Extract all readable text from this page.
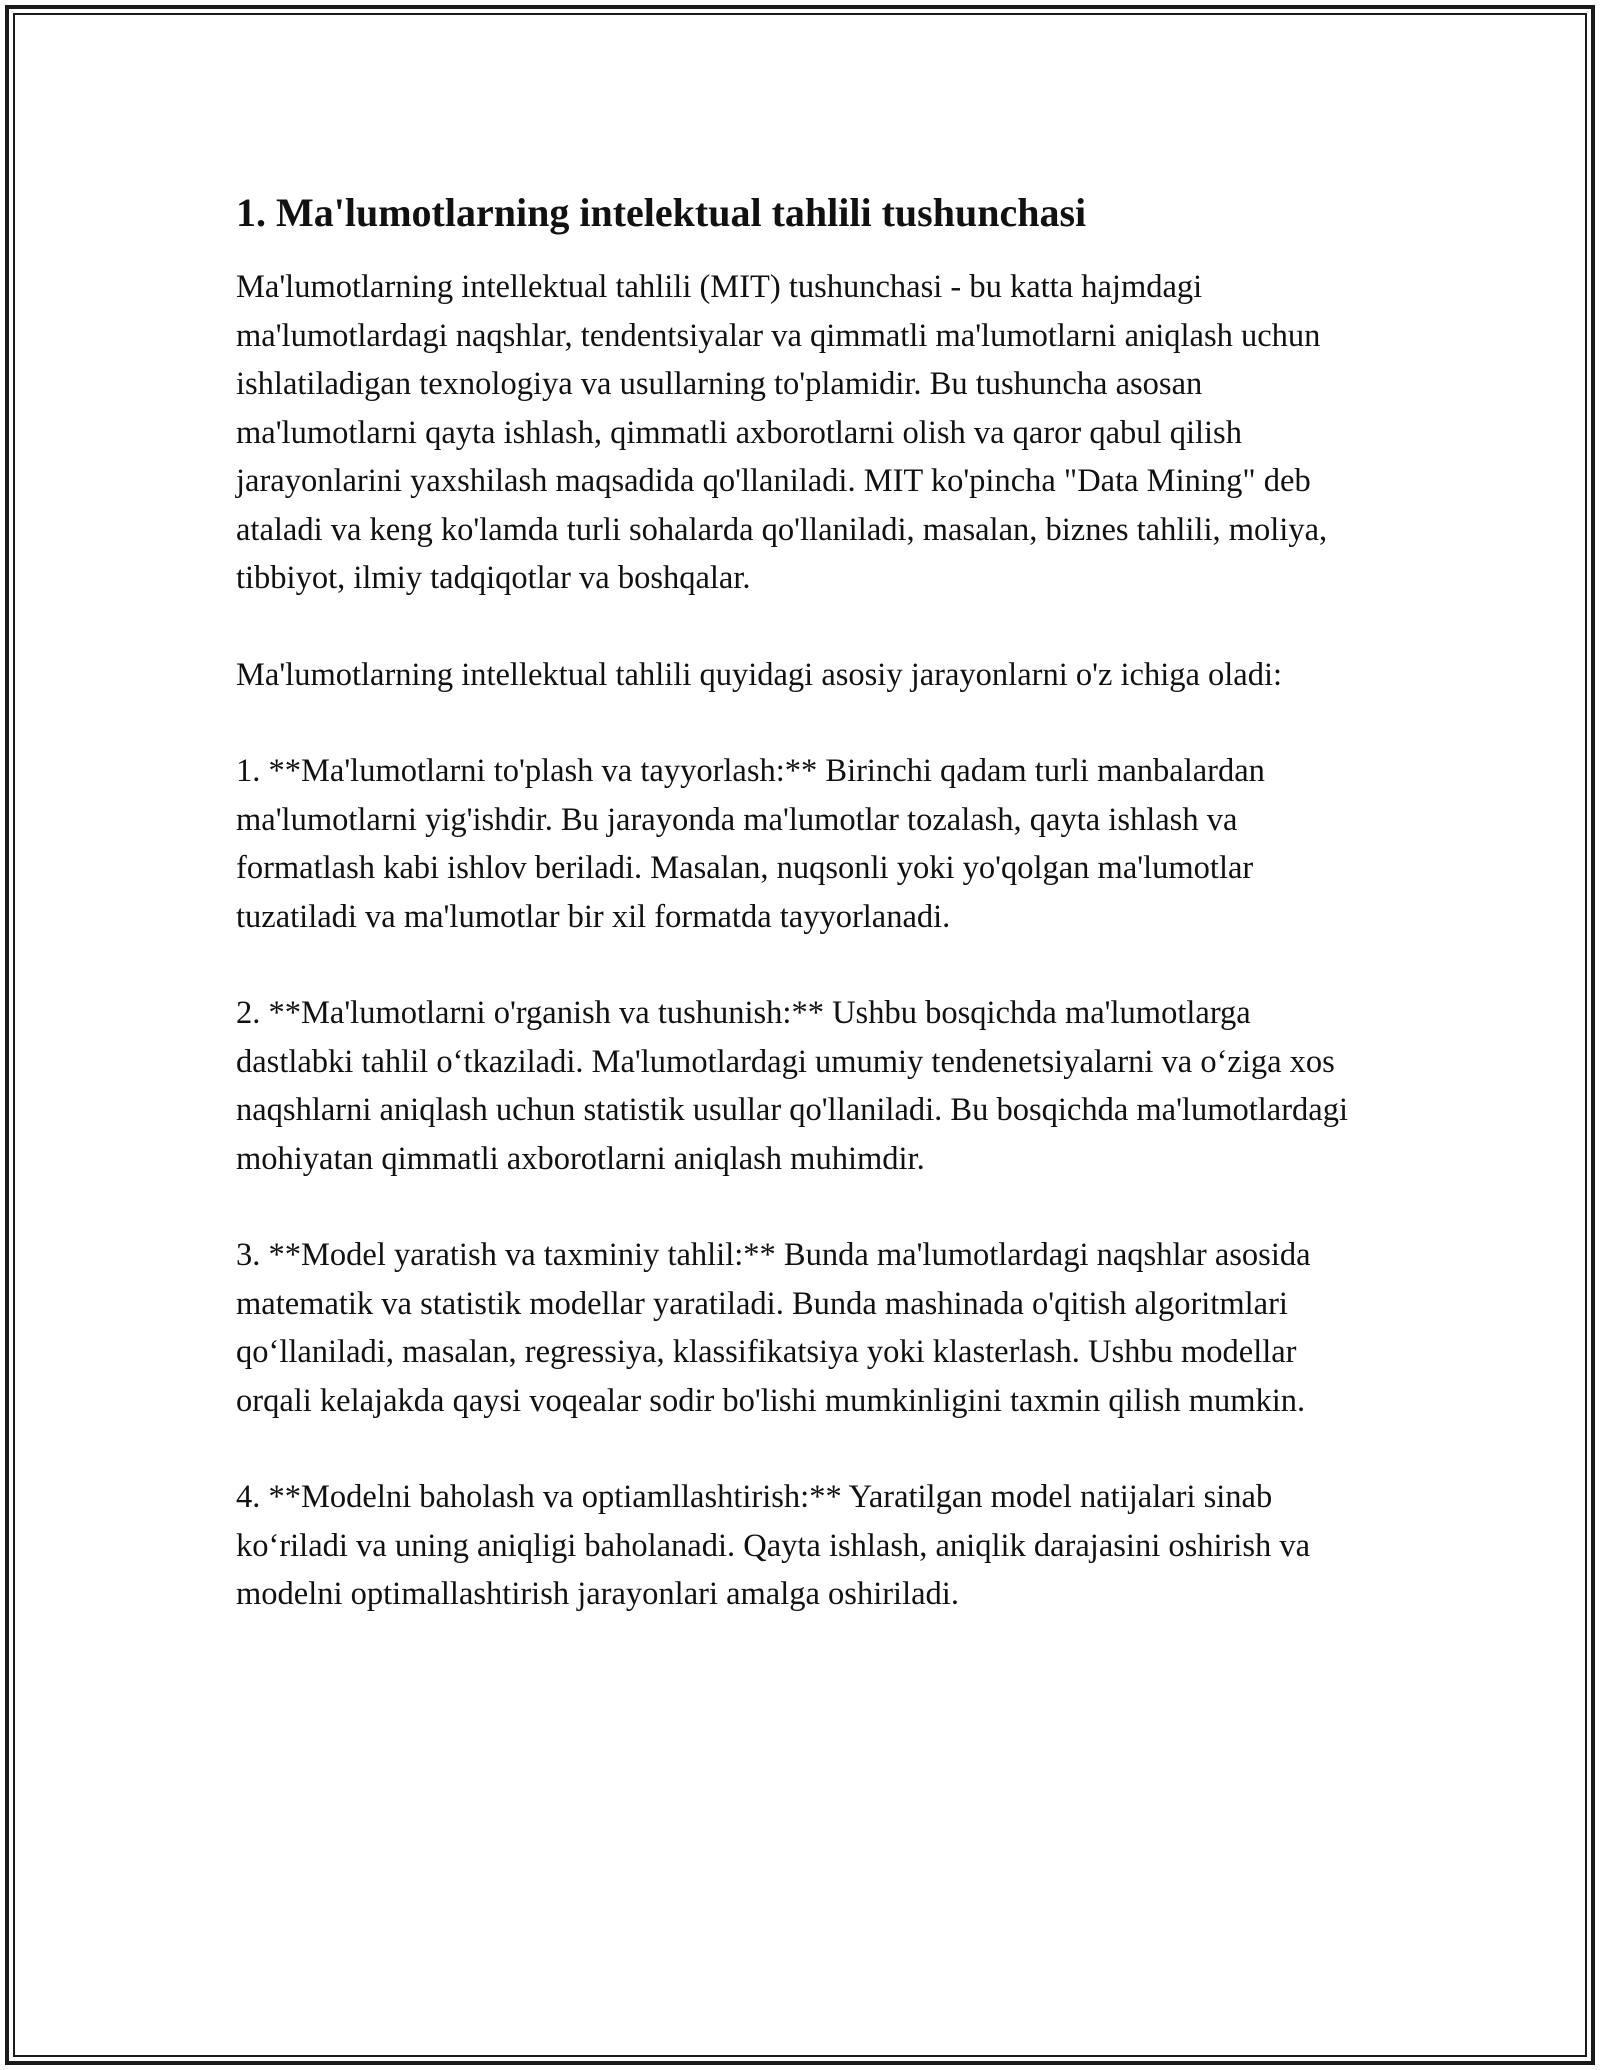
1. Ma'lumotlarning intelektual tahlili tushunchasi

Ma'lumotlarning intellektual tahlili (MIT) tushunchasi - bu katta hajmdagi ma'lumotlardagi naqshlar, tendentsiyalar va qimmatli ma'lumotlarni aniqlash uchun ishlatiladigan texnologiya va usullarning to'plamidir. Bu tushuncha asosan ma'lumotlarni qayta ishlash, qimmatli axborotlarni olish va qaror qabul qilish jarayonlarini yaxshilash maqsadida qo'llaniladi. MIT ko'pincha "Data Mining" deb ataladi va keng ko'lamda turli sohalarda qo'llaniladi, masalan, biznes tahlili, moliya, tibbiyot, ilmiy tadqiqotlar va boshqalar.

Ma'lumotlarning intellektual tahlili quyidagi asosiy jarayonlarni o'z ichiga oladi:

1. **Ma'lumotlarni to'plash va tayyorlash:** Birinchi qadam turli manbalardan ma'lumotlarni yig'ishdir. Bu jarayonda ma'lumotlar tozalash, qayta ishlash va formatlash kabi ishlov beriladi. Masalan, nuqsonli yoki yo'qolgan ma'lumotlar tuzatiladi va ma'lumotlar bir xil formatda tayyorlanadi.

2. **Ma'lumotlarni o'rganish va tushunish:** Ushbu bosqichda ma'lumotlarga dastlabki tahlil o‘tkaziladi. Ma'lumotlardagi umumiy tendenetsiyalarni va o‘ziga xos naqshlarni aniqlash uchun statistik usullar qo'llaniladi. Bu bosqichda ma'lumotlardagi mohiyatan qimmatli axborotlarni aniqlash muhimdir.

3. **Model yaratish va taxminiy tahlil:** Bunda ma'lumotlardagi naqshlar asosida matematik va statistik modellar yaratiladi. Bunda mashinada o'qitish algoritmlari qo‘llaniladi, masalan, regressiya, klassifikatsiya yoki klasterlash. Ushbu modellar orqali kelajakda qaysi voqealar sodir bo'lishi mumkinligini taxmin qilish mumkin.

4. **Modelni baholash va optiamllashtirish:** Yaratilgan model natijalari sinab ko‘riladi va uning aniqligi baholanadi. Qayta ishlash, aniqlik darajasini oshirish va modelni optimallashtirish jarayonlari amalga oshiriladi.
